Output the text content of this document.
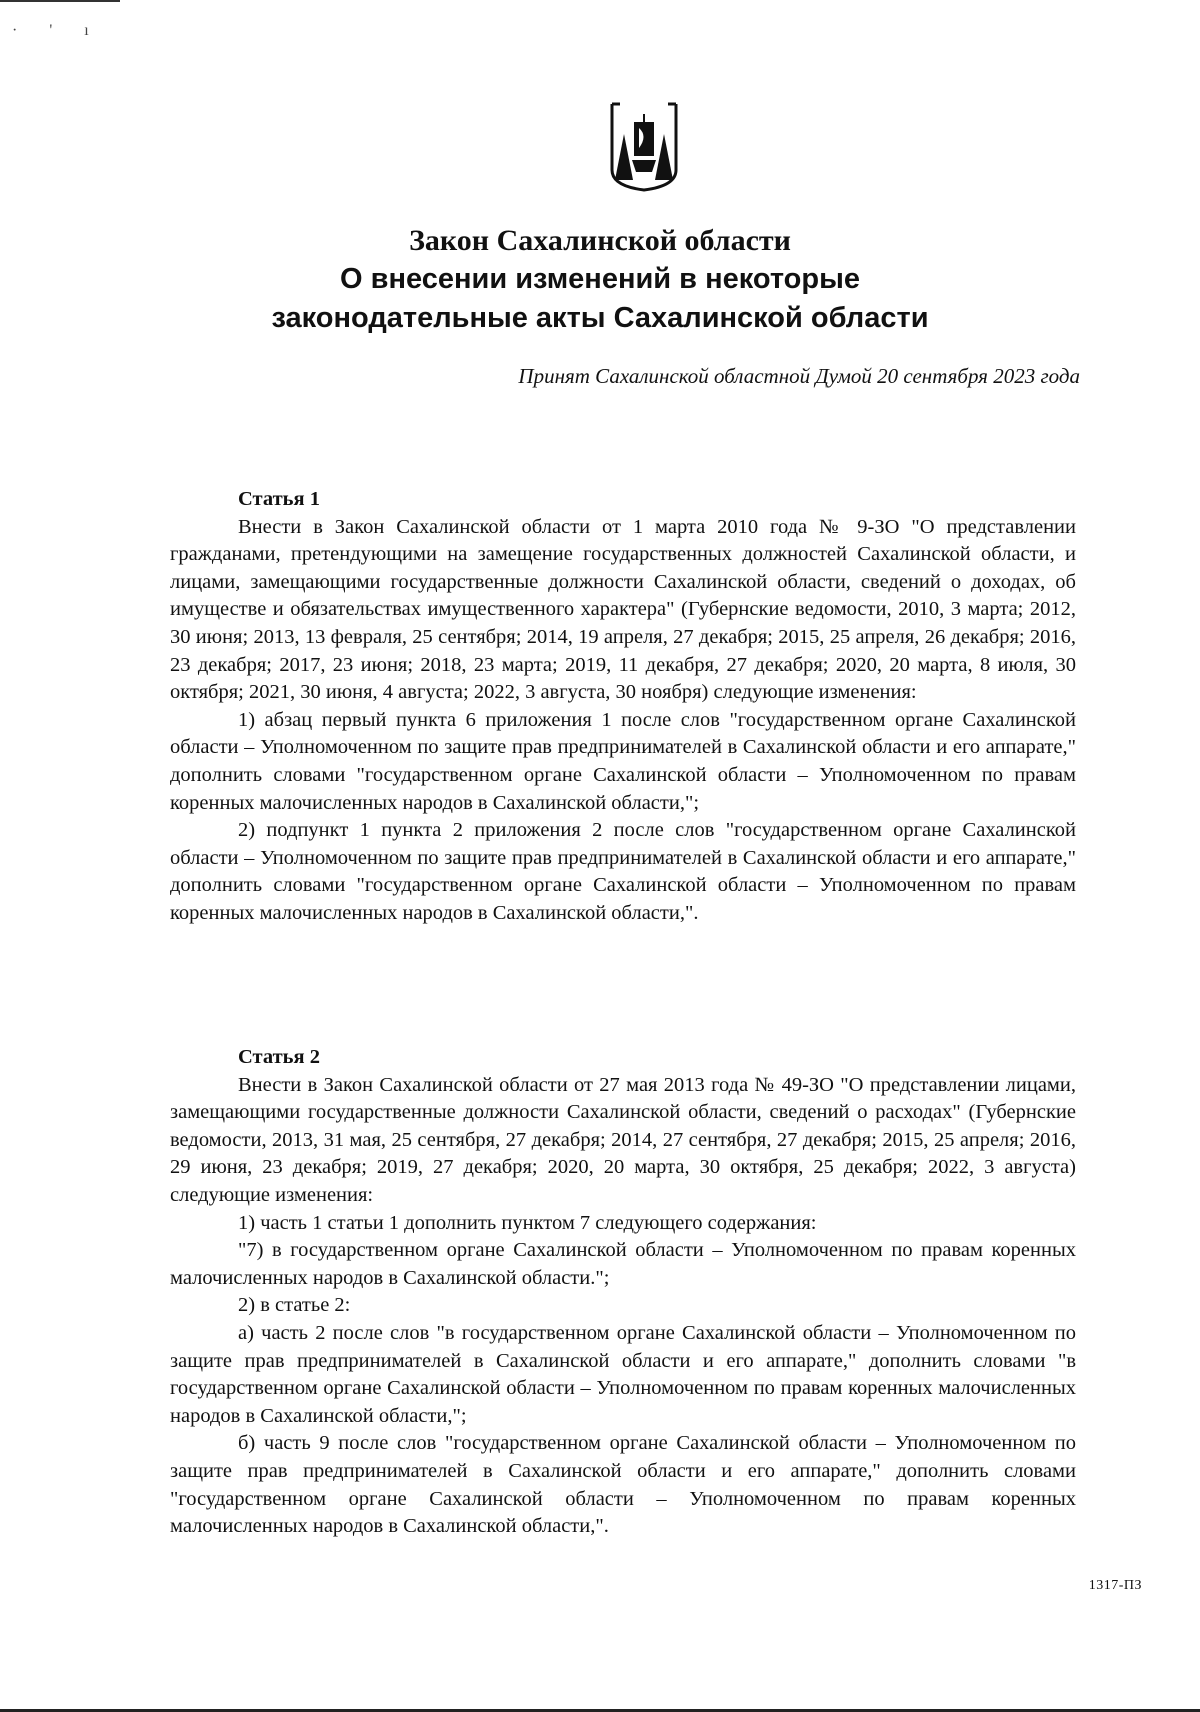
· ' ı
Закон Сахалинской области
О внесении изменений в некоторые
законодательные акты Сахалинской области
Принят Сахалинской областной Думой 20 сентября 2023 года
Статья 1

Внести в Закон Сахалинской области от 1 марта 2010 года № 9-ЗО "О представлении гражданами, претендующими на замещение государственных должностей Сахалинской области, и лицами, замещающими государственные должности Сахалинской области, сведений о доходах, об имуществе и обязательствах имущественного характера" (Губернские ведомости, 2010, 3 марта; 2012, 30 июня; 2013, 13 февраля, 25 сентября; 2014, 19 апреля, 27 декабря; 2015, 25 апреля, 26 декабря; 2016, 23 декабря; 2017, 23 июня; 2018, 23 марта; 2019, 11 декабря, 27 декабря; 2020, 20 марта, 8 июля, 30 октября; 2021, 30 июня, 4 августа; 2022, 3 августа, 30 ноября) следующие изменения:

1) абзац первый пункта 6 приложения 1 после слов "государственном органе Сахалинской области – Уполномоченном по защите прав предпринимателей в Сахалинской области и его аппарате," дополнить словами "государственном органе Сахалинской области – Уполномоченном по правам коренных малочисленных народов в Сахалинской области,";

2) подпункт 1 пункта 2 приложения 2 после слов "государственном органе Сахалинской области – Уполномоченном по защите прав предпринимателей в Сахалинской области и его аппарате," дополнить словами "государственном органе Сахалинской области – Уполномоченном по правам коренных малочисленных народов в Сахалинской области,".

Статья 2

Внести в Закон Сахалинской области от 27 мая 2013 года № 49-ЗО "О представлении лицами, замещающими государственные должности Сахалинской области, сведений о расходах" (Губернские ведомости, 2013, 31 мая, 25 сентября, 27 декабря; 2014, 27 сентября, 27 декабря; 2015, 25 апреля; 2016, 29 июня, 23 декабря; 2019, 27 декабря; 2020, 20 марта, 30 октября, 25 декабря; 2022, 3 августа) следующие изменения:

1) часть 1 статьи 1 дополнить пунктом 7 следующего содержания:

"7) в государственном органе Сахалинской области – Уполномоченном по правам коренных малочисленных народов в Сахалинской области.";

2) в статье 2:

а) часть 2 после слов "в государственном органе Сахалинской области – Уполномоченном по защите прав предпринимателей в Сахалинской области и его аппарате," дополнить словами "в государственном органе Сахалинской области – Уполномоченном по правам коренных малочисленных народов в Сахалинской области,";

б) часть 9 после слов "государственном органе Сахалинской области – Уполномоченном по защите прав предпринимателей в Сахалинской области и его аппарате," дополнить словами "государственном органе Сахалинской области – Уполномоченном по правам коренных малочисленных народов в Сахалинской области,".

1317-ПЗ
